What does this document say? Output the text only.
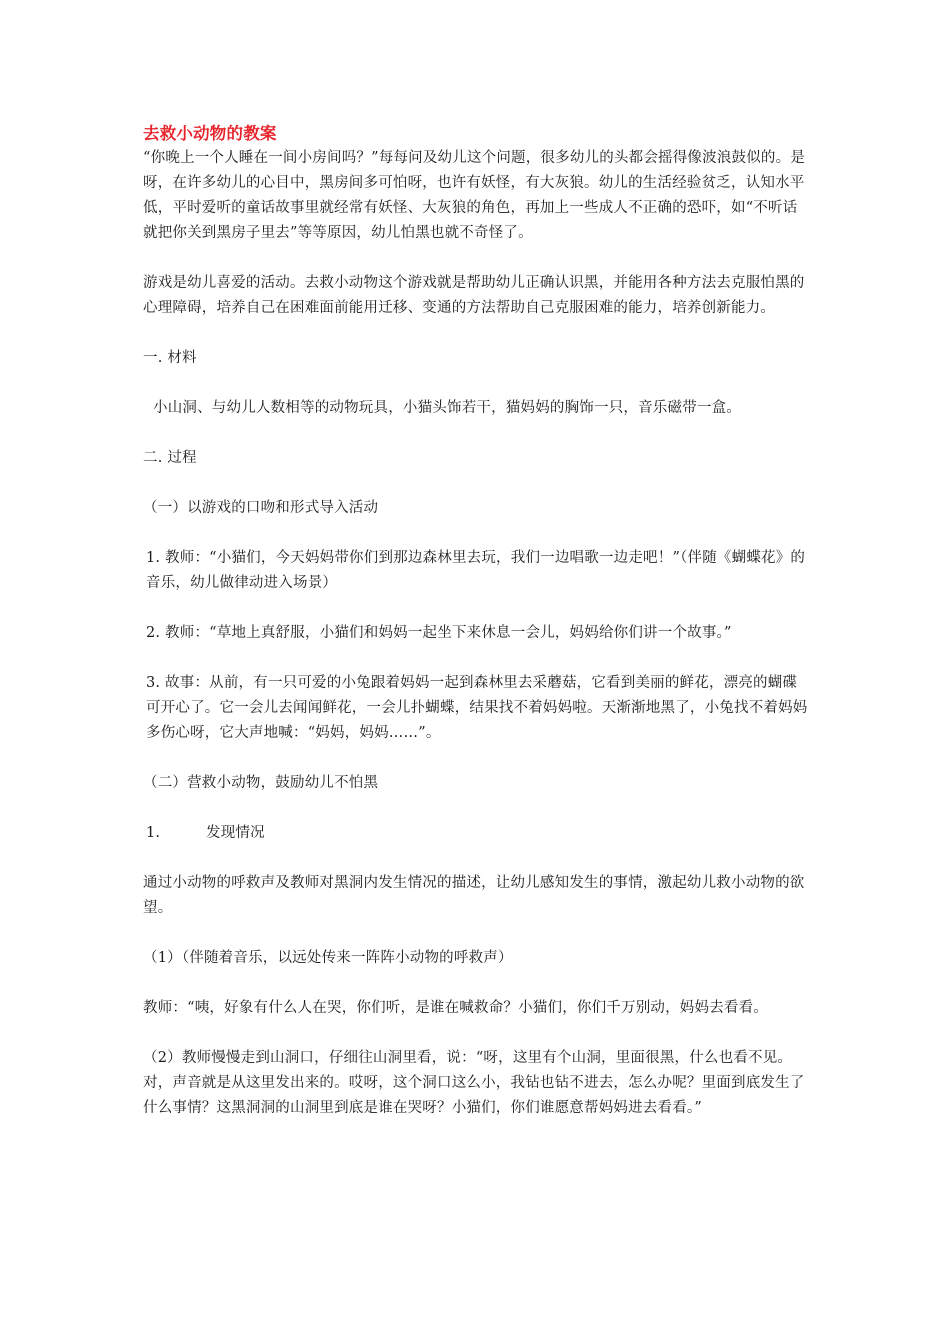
去救小动物的教案

“你晚上一个人睡在一间小房间吗？”每每问及幼儿这个问题，很多幼儿的头都会摇得像波浪鼓似的。是呀，在许多幼儿的心目中，黑房间多可怕呀，也许有妖怪，有大灰狼。幼儿的生活经验贫乏，认知水平低，平时爱听的童话故事里就经常有妖怪、大灰狼的角色，再加上一些成人不正确的恐吓，如“不听话就把你关到黑房子里去”等等原因，幼儿怕黑也就不奇怪了。

游戏是幼儿喜爱的活动。去救小动物这个游戏就是帮助幼儿正确认识黑，并能用各种方法去克服怕黑的心理障碍，培养自己在困难面前能用迁移、变通的方法帮助自己克服困难的能力，培养创新能力。

一. 材料

小山洞、与幼儿人数相等的动物玩具，小猫头饰若干，猫妈妈的胸饰一只，音乐磁带一盒。

二. 过程

（一）以游戏的口吻和形式导入活动

1. 教师：“小猫们，今天妈妈带你们到那边森林里去玩，我们一边唱歌一边走吧！”（伴随《蝴蝶花》的音乐，幼儿做律动进入场景）

2. 教师：“草地上真舒服，小猫们和妈妈一起坐下来休息一会儿，妈妈给你们讲一个故事。”

3. 故事：从前，有一只可爱的小兔跟着妈妈一起到森林里去采蘑菇，它看到美丽的鲜花，漂亮的蝴碟可开心了。它一会儿去闻闻鲜花，一会儿扑蝴蝶，结果找不着妈妈啦。天渐渐地黑了，小兔找不着妈妈多伤心呀，它大声地喊：“妈妈，妈妈……”。

（二）营救小动物，鼓励幼儿不怕黑

1.	发现情况

通过小动物的呼救声及教师对黑洞内发生情况的描述，让幼儿感知发生的事情，激起幼儿救小动物的欲望。

（1）（伴随着音乐，以远处传来一阵阵小动物的呼救声）

教师：“咦，好象有什么人在哭，你们听，是谁在喊救命？小猫们，你们千万别动，妈妈去看看。

（2）教师慢慢走到山洞口，仔细往山洞里看，说：“呀，这里有个山洞，里面很黑，什么也看不见。对，声音就是从这里发出来的。哎呀，这个洞口这么小，我钻也钻不进去，怎么办呢？里面到底发生了什么事情？这黑洞洞的山洞里到底是谁在哭呀？小猫们，你们谁愿意帮妈妈进去看看。”
